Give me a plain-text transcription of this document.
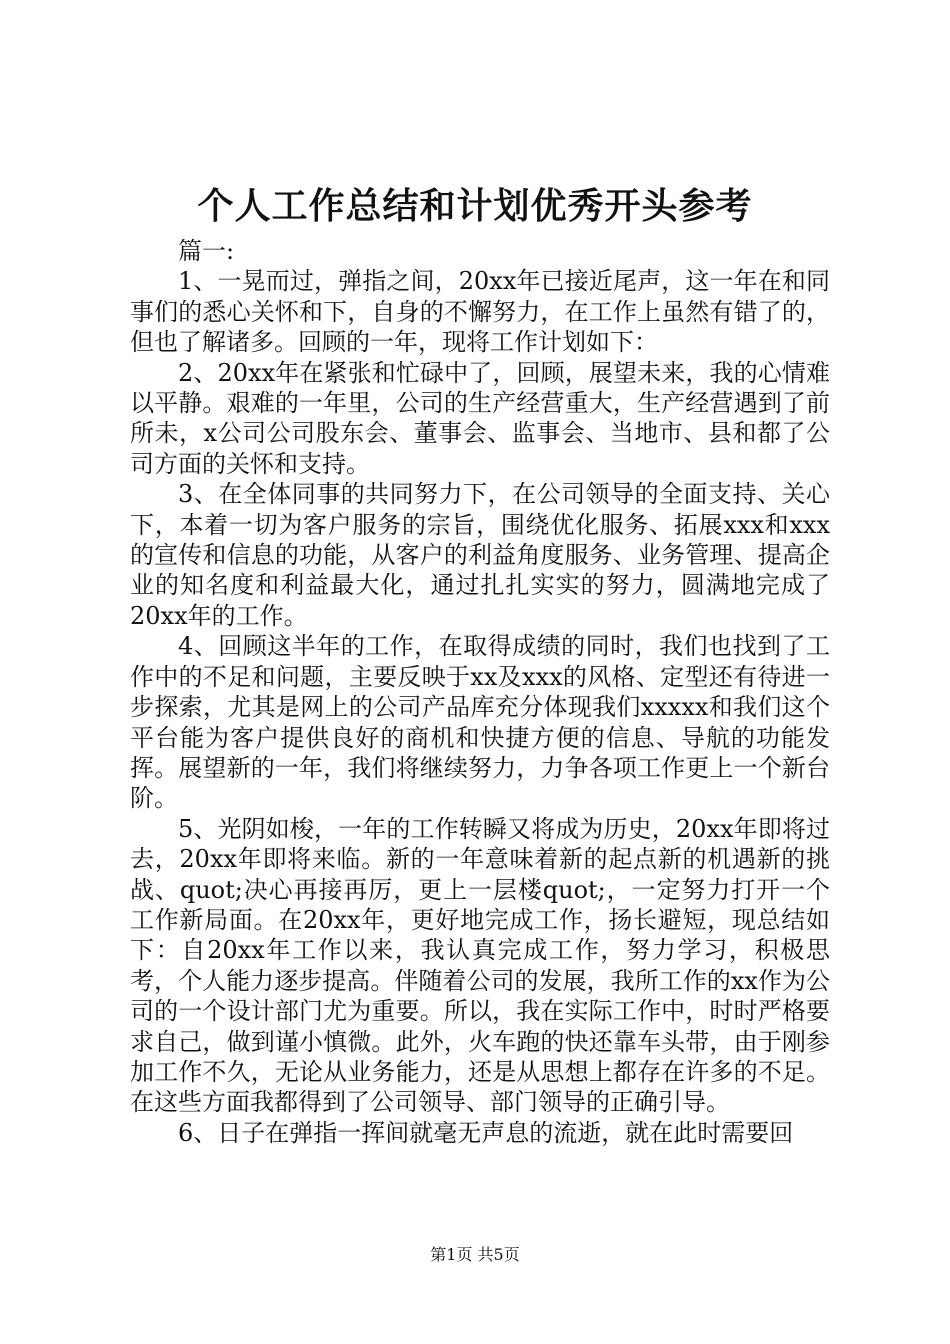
个人工作总结和计划优秀开头参考

篇一:

1、一晃而过，弹指之间，20xx年已接近尾声，这一年在和同事们的悉心关怀和下，自身的不懈努力，在工作上虽然有错了的，但也了解诸多。回顾的一年，现将工作计划如下：

2、20xx年在紧张和忙碌中了，回顾，展望未来，我的心情难以平静。艰难的一年里，公司的生产经营重大，生产经营遇到了前所未，x公司公司股东会、董事会、监事会、当地市、县和都了公司方面的关怀和支持。

3、在全体同事的共同努力下，在公司领导的全面支持、关心下，本着一切为客户服务的宗旨，围绕优化服务、拓展xxx和xxx的宣传和信息的功能，从客户的利益角度服务、业务管理、提高企业的知名度和利益最大化，通过扎扎实实的努力，圆满地完成了20xx年的工作。

4、回顾这半年的工作，在取得成绩的同时，我们也找到了工作中的不足和问题，主要反映于xx及xxx的风格、定型还有待进一步探索，尤其是网上的公司产品库充分体现我们xxxxx和我们这个平台能为客户提供良好的商机和快捷方便的信息、导航的功能发挥。展望新的一年，我们将继续努力，力争各项工作更上一个新台阶。

5、光阴如梭，一年的工作转瞬又将成为历史，20xx年即将过去，20xx年即将来临。新的一年意味着新的起点新的机遇新的挑战、quot;决心再接再厉，更上一层楼quot;，一定努力打开一个工作新局面。在20xx年，更好地完成工作，扬长避短，现总结如下：自20xx年工作以来，我认真完成工作，努力学习，积极思考，个人能力逐步提高。伴随着公司的发展，我所工作的xx作为公司的一个设计部门尤为重要。所以，我在实际工作中，时时严格要求自己，做到谨小慎微。此外，火车跑的快还靠车头带，由于刚参加工作不久，无论从业务能力，还是从思想上都存在许多的不足。在这些方面我都得到了公司领导、部门领导的正确引导。

6、日子在弹指一挥间就毫无声息的流逝，就在此时需要回

第1页 共5页
